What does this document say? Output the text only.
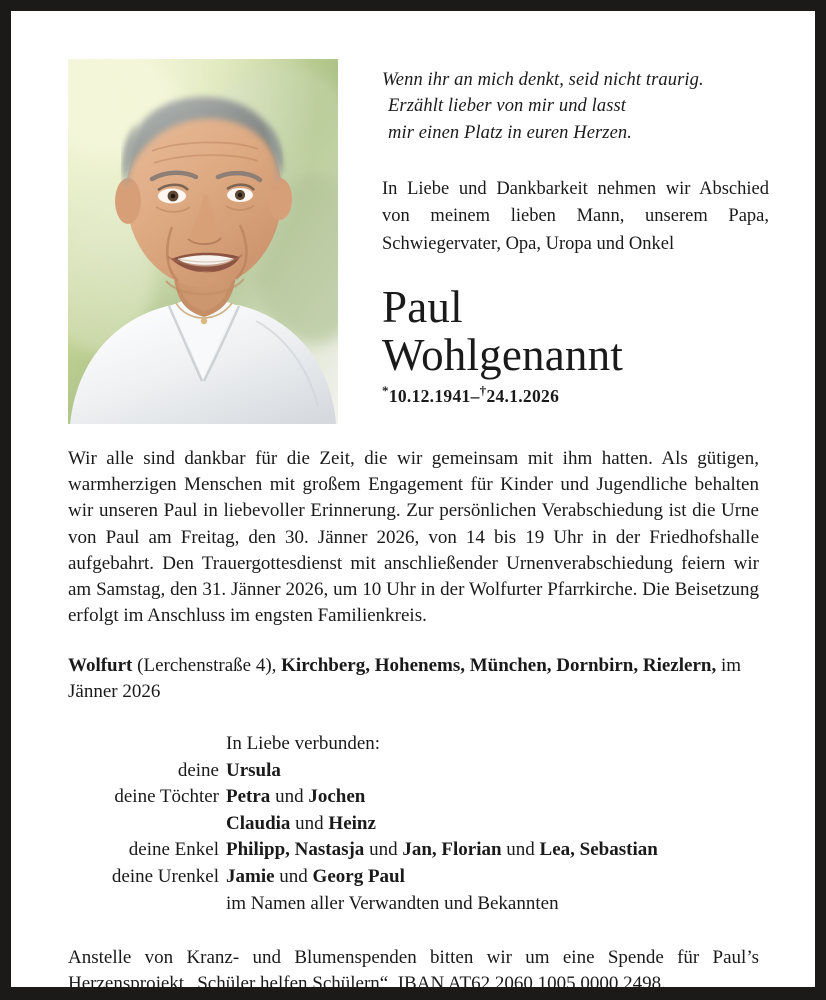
Wenn ihr an mich denkt, seid nicht traurig.
Erzählt lieber von mir und lasst
mir einen Platz in euren Herzen.

In Liebe und Dankbarkeit nehmen wir Abschied von meinem lieben Mann, unserem Papa, Schwiegervater, Opa, Uropa und Onkel

Paul
Wohlgenannt
*10.12.1941–†24.1.2026

Wir alle sind dankbar für die Zeit, die wir gemeinsam mit ihm hatten. Als gütigen, warmherzigen Menschen mit großem Engagement für Kinder und Jugendliche behalten wir unseren Paul in liebevoller Erinnerung. Zur persönlichen Verabschiedung ist die Urne von Paul am Freitag, den 30. Jänner 2026, von 14 bis 19 Uhr in der Friedhofshalle aufgebahrt. Den Trauergottesdienst mit anschließender Urnenverabschiedung feiern wir am Samstag, den 31. Jänner 2026, um 10 Uhr in der Wolfurter Pfarrkirche. Die Beisetzung erfolgt im Anschluss im engsten Familienkreis.

Wolfurt (Lerchenstraße 4), Kirchberg, Hohenems, München, Dornbirn, Riezlern, im Jänner 2026

In Liebe verbunden:
deine Ursula
deine Töchter Petra und Jochen
Claudia und Heinz
deine Enkel Philipp, Nastasja und Jan, Florian und Lea, Sebastian
deine Urenkel Jamie und Georg Paul
im Namen aller Verwandten und Bekannten

Anstelle von Kranz- und Blumenspenden bitten wir um eine Spende für Paul’s Herzensprojekt „Schüler helfen Schülern“, IBAN AT62 2060 1005 0000 2498.
